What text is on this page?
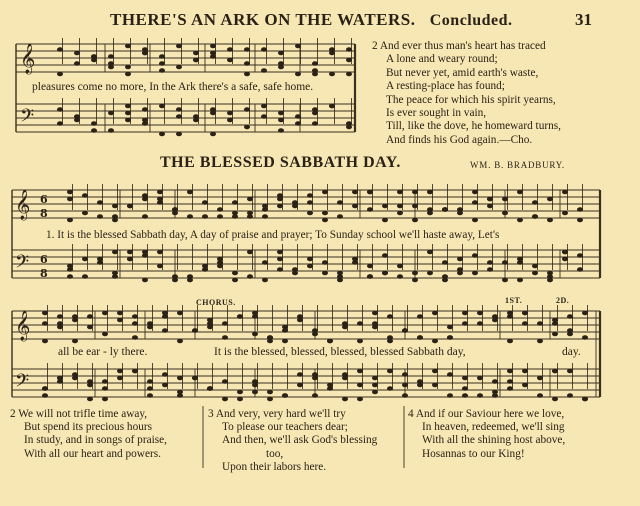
𝄞
𝄢
𝄞
𝄢
𝄞
𝄢
6
8
6
8
THERE'S AN ARK ON THE WATERS. Concluded.	31
pleasures come no more, In the Ark there's a safe, safe home.
2 And ever thus man's heart has traced
A lone and weary round;
But never yet, amid earth's waste,
A resting-place has found;
The peace for which his spirit yearns,
Is ever sought in vain,
Till, like the dove, he homeward turns,
And finds his God again.—Cho.
THE BLESSED SABBATH DAY.	WM. B. BRADBURY.
1. It is the blessed Sabbath day, A day of praise and prayer; To Sunday school we'll haste away, Let's
CHORUS.	1ST.	2D.
all be ear - ly there.	It is the blessed, blessed, blessed, blessed Sabbath day,	day.
2 We will not trifle time away,
But spend its precious hours
In study, and in songs of praise,
With all our heart and powers.
3 And very, very hard we'll try
To please our teachers dear;
And then, we'll ask God's blessing
too,
Upon their labors here.
4 And if our Saviour here we love,
In heaven, redeemed, we'll sing
With all the shining host above,
Hosannas to our King!
